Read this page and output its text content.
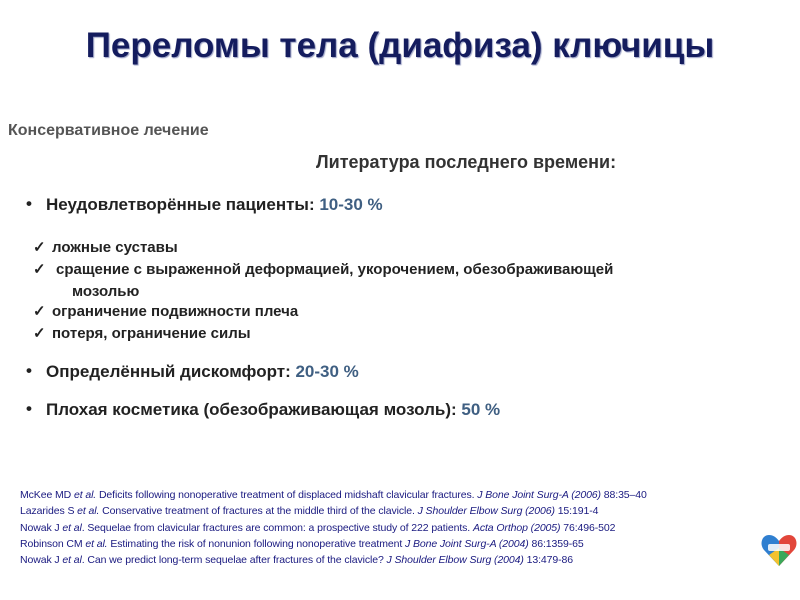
Переломы тела (диафиза) ключицы
Консервативное лечение
Литература последнего времени:
• Неудовлетворённые пациенты: 10-30 %
✓ ложные суставы
✓ сращение с выраженной деформацией, укорочением, обезображивающей
мозолью
✓ ограничение подвижности плеча
✓ потеря, ограничение силы
• Определённый дискомфорт: 20-30 %
• Плохая косметика (обезображивающая мозоль): 50 %
McKee MD et al. Deficits following nonoperative treatment of displaced midshaft clavicular fractures. J Bone Joint Surg-A (2006) 88:35–40
Lazarides S et al. Conservative treatment of fractures at the middle third of the clavicle. J Shoulder Elbow Surg (2006) 15:191-4
Nowak J et al. Sequelae from clavicular fractures are common: a prospective study of 222 patients. Acta Orthop (2005) 76:496-502
Robinson CM et al. Estimating the risk of nonunion following nonoperative treatment J Bone Joint Surg-A (2004) 86:1359-65
Nowak J et al. Can we predict long-term sequelae after fractures of the clavicle? J Shoulder Elbow Surg (2004) 13:479-86
